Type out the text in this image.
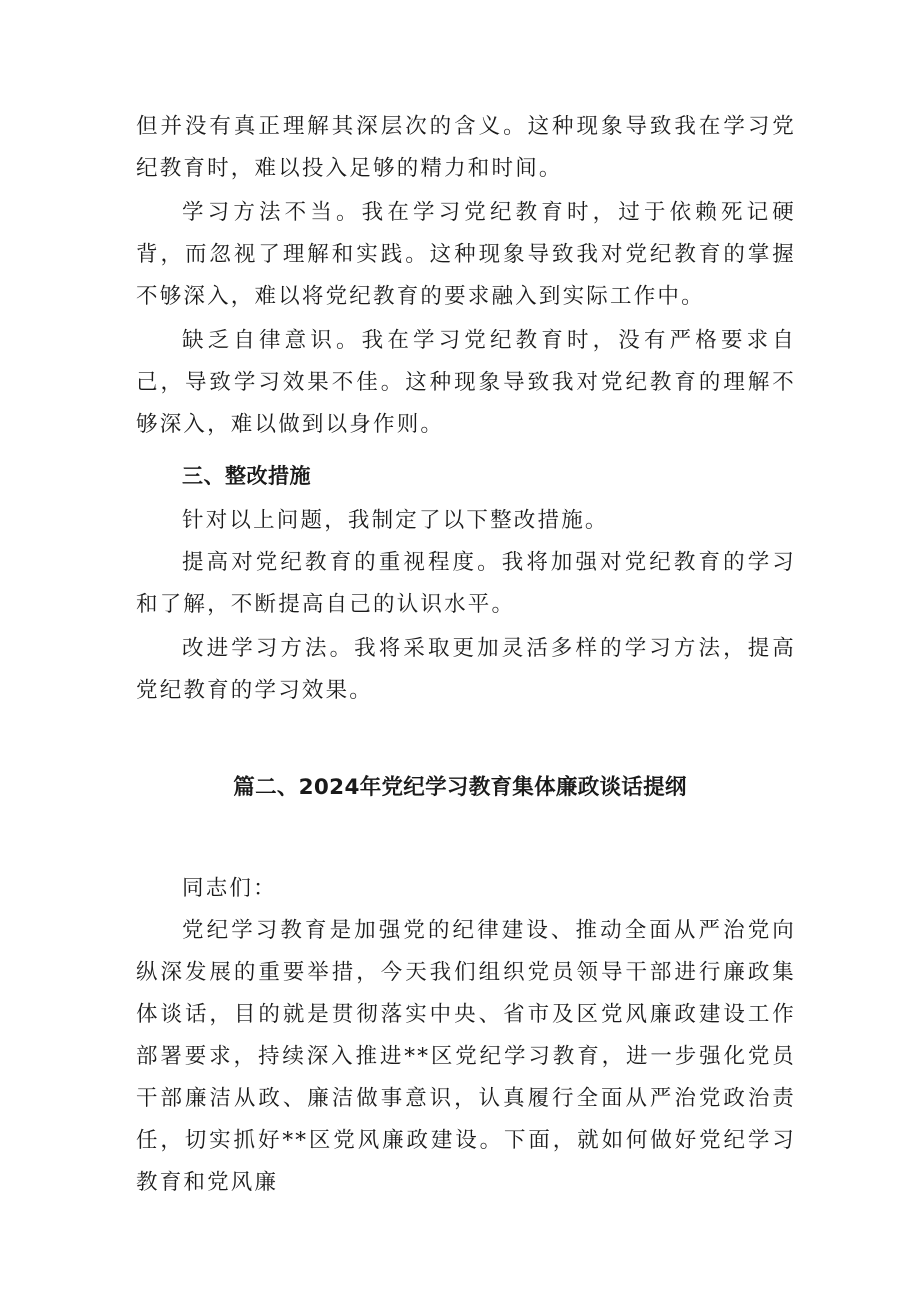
但并没有真正理解其深层次的含义。这种现象导致我在学习党纪教育时，难以投入足够的精力和时间。

学习方法不当。我在学习党纪教育时，过于依赖死记硬背，而忽视了理解和实践。这种现象导致我对党纪教育的掌握不够深入，难以将党纪教育的要求融入到实际工作中。

缺乏自律意识。我在学习党纪教育时，没有严格要求自己，导致学习效果不佳。这种现象导致我对党纪教育的理解不够深入，难以做到以身作则。

三、整改措施

针对以上问题，我制定了以下整改措施。

提高对党纪教育的重视程度。我将加强对党纪教育的学习和了解，不断提高自己的认识水平。

改进学习方法。我将采取更加灵活多样的学习方法，提高党纪教育的学习效果。

篇二、2024年党纪学习教育集体廉政谈话提纲

同志们：

党纪学习教育是加强党的纪律建设、推动全面从严治党向纵深发展的重要举措，今天我们组织党员领导干部进行廉政集体谈话，目的就是贯彻落实中央、省市及区党风廉政建设工作部署要求，持续深入推进**区党纪学习教育，进一步强化党员干部廉洁从政、廉洁做事意识，认真履行全面从严治党政治责任，切实抓好**区党风廉政建设。下面，就如何做好党纪学习教育和党风廉
